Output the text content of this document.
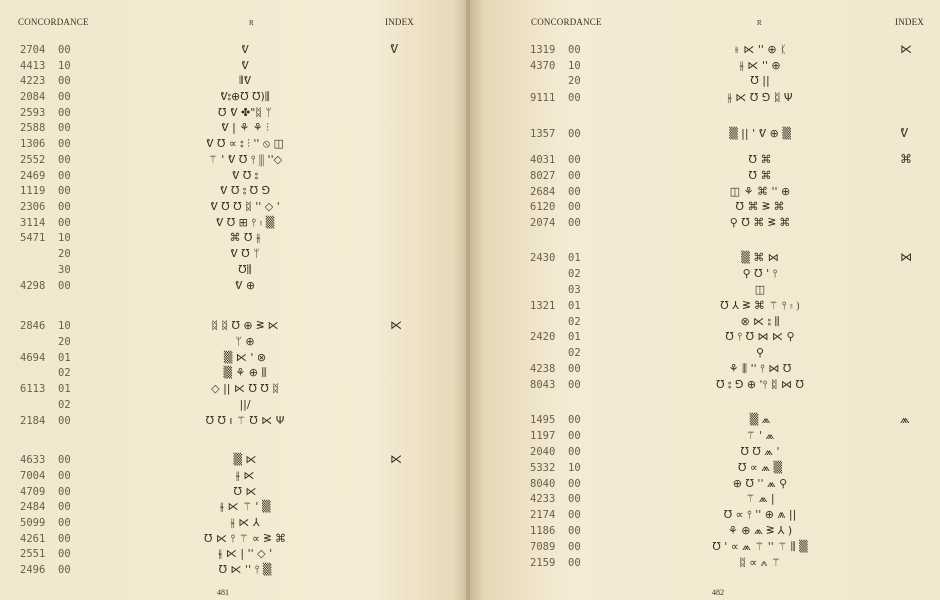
CONCORDANCE	R	INDEX
2704 00	ᕓ	ᕓ
4413 10	ᕓ
4223 00	⦀ᕓ
2084 00	ᕓ⦂⊕Ʊ Ʊ)⫼
2593 00	Ʊ ᕓ ✤"ᛥ ᛘ
2588 00	ᕓ | ⚘ ⚘ ⫶
1306 00	ᕓ Ʊ ∝ ⦂ ⫶ '' ⦸ ◫
2552 00	⚚ ' ᕓ Ʊ ⫯ ⫼ ''◇
2469 00	ᕓ Ʊ ⦂
1119 00	ᕓ Ʊ ⦂ Ʊ ⅁
2306 00	ᕓ Ʊ Ʊ ᛥ '' ◇ '
3114 00	ᕓ Ʊ ⊞ ⫯ ⦂ ▒
5471 10	⌘ Ʊ ⫳
20	ᕓ Ʊ ᛘ
30	Ʊ⫼
4298 00	ᕓ ⊕
2846 10	ᛥ ᛥ Ʊ ⊕ ᕒ ⋉	⋉
20	ᛘ ⊕
4694 01	▒ ⋉ ' ⊗
02	▒ ⚘ ⊕ ⫼
6113 01	◇ || ⋉ Ʊ Ʊ ᛥ
02	||/
2184 00	Ʊ Ʊ ı ⚚ Ʊ ⋉ Ψ
4633 00	▒ ⋉	⋉
7004 00	⫳ ⋉
4709 00	Ʊ ⋉
2484 00	⫳ ⋉ ⚚ ' ▒
5099 00	⫳ ⋉ ⅄
4261 00	Ʊ ⋉ ⫯ ⚚ ∝ ᕒ ⌘
2551 00	⫳ ⋉ | '' ◇ '
2496 00	Ʊ ⋉ '' ⫯ ▒
481
CONCORDANCE	R	INDEX
1319 00	⫳ ⋉ '' ⊕ ᛕ	⋉
4370 10	⫳ ⋉ '' ⊕
20	Ʊ ||
9111 00	⫳ ⋉ Ʊ ⅁ ᛥ Ψ
1357 00	▒ || ' ᕓ ⊕ ▒	ᕓ
4031 00	Ʊ ⌘	⌘
8027 00	Ʊ ⌘
2684 00	◫ ⚘ ⌘ '' ⊕
6120 00	Ʊ ⌘ ᕒ ⌘
2074 00	⚲ Ʊ ⌘ ᕒ ⌘
2430 01	▒ ⌘ ⋈	⋈
02	⚲ Ʊ ' ⫯
03	◫
1321 01	Ʊ ⅄ ᕒ ⌘ ⚚ ⫯ ⦂ ⟯
02	⊗ ⋉ ⦂ ⫼
2420 01	Ʊ ⫯ Ʊ ⋈ ⋉ ⚲
02	⚲
4238 00	⚘ ⫼ '' ⫯ ⋈ Ʊ
8043 00	Ʊ ⦂ ⅁ ⊕ '⫯ ᛥ ⋈ Ʊ
1495 00	▒ ⩕	⩕
1197 00	⚚ ' ⩕
2040 00	Ʊ Ʊ ⩕ '
5332 10	Ʊ ∝ ⩕ ▒
8040 00	⊕ Ʊ '' ⩕ ⚲
4233 00	⚚ ⩕ |
2174 00	Ʊ ∝ ⫯ '' ⊕ ⩕ ||
1186 00	⚘ ⊕ ⩕ ᕒ ⅄ )
7089 00	Ʊ ' ∝ ⩕ ⚚ '' ⚚ ⫼ ▒
2159 00	ᛥ ∝ ⩕ ⚚
482
